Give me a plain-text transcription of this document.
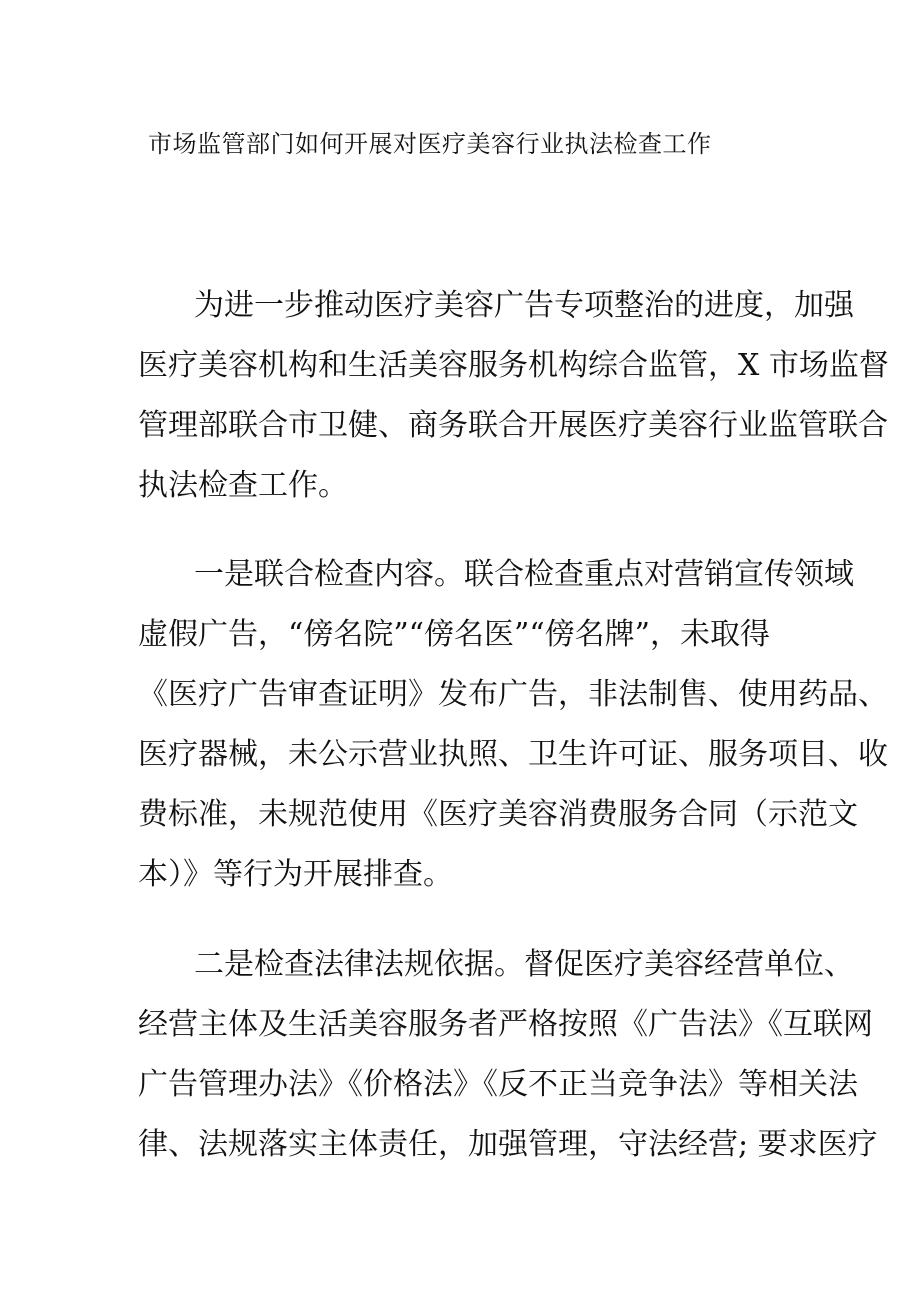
市场监管部门如何开展对医疗美容行业执法检查工作
为进一步推动医疗美容广告专项整治的进度，加强
医疗美容机构和生活美容服务机构综合监管，X 市场监督
管理部联合市卫健、商务联合开展医疗美容行业监管联合
执法检查工作。
一是联合检查内容。联合检查重点对营销宣传领域
虚假广告，“傍名院”“傍名医”“傍名牌”，未取得
《医疗广告审查证明》发布广告，非法制售、使用药品、
医疗器械，未公示营业执照、卫生许可证、服务项目、收
费标准，未规范使用《医疗美容消费服务合同（示范文
本）》等行为开展排查。
二是检查法律法规依据。督促医疗美容经营单位、
经营主体及生活美容服务者严格按照《广告法》《互联网
广告管理办法》《价格法》《反不正当竞争法》等相关法
律、法规落实主体责任，加强管理，守法经营; 要求医疗
